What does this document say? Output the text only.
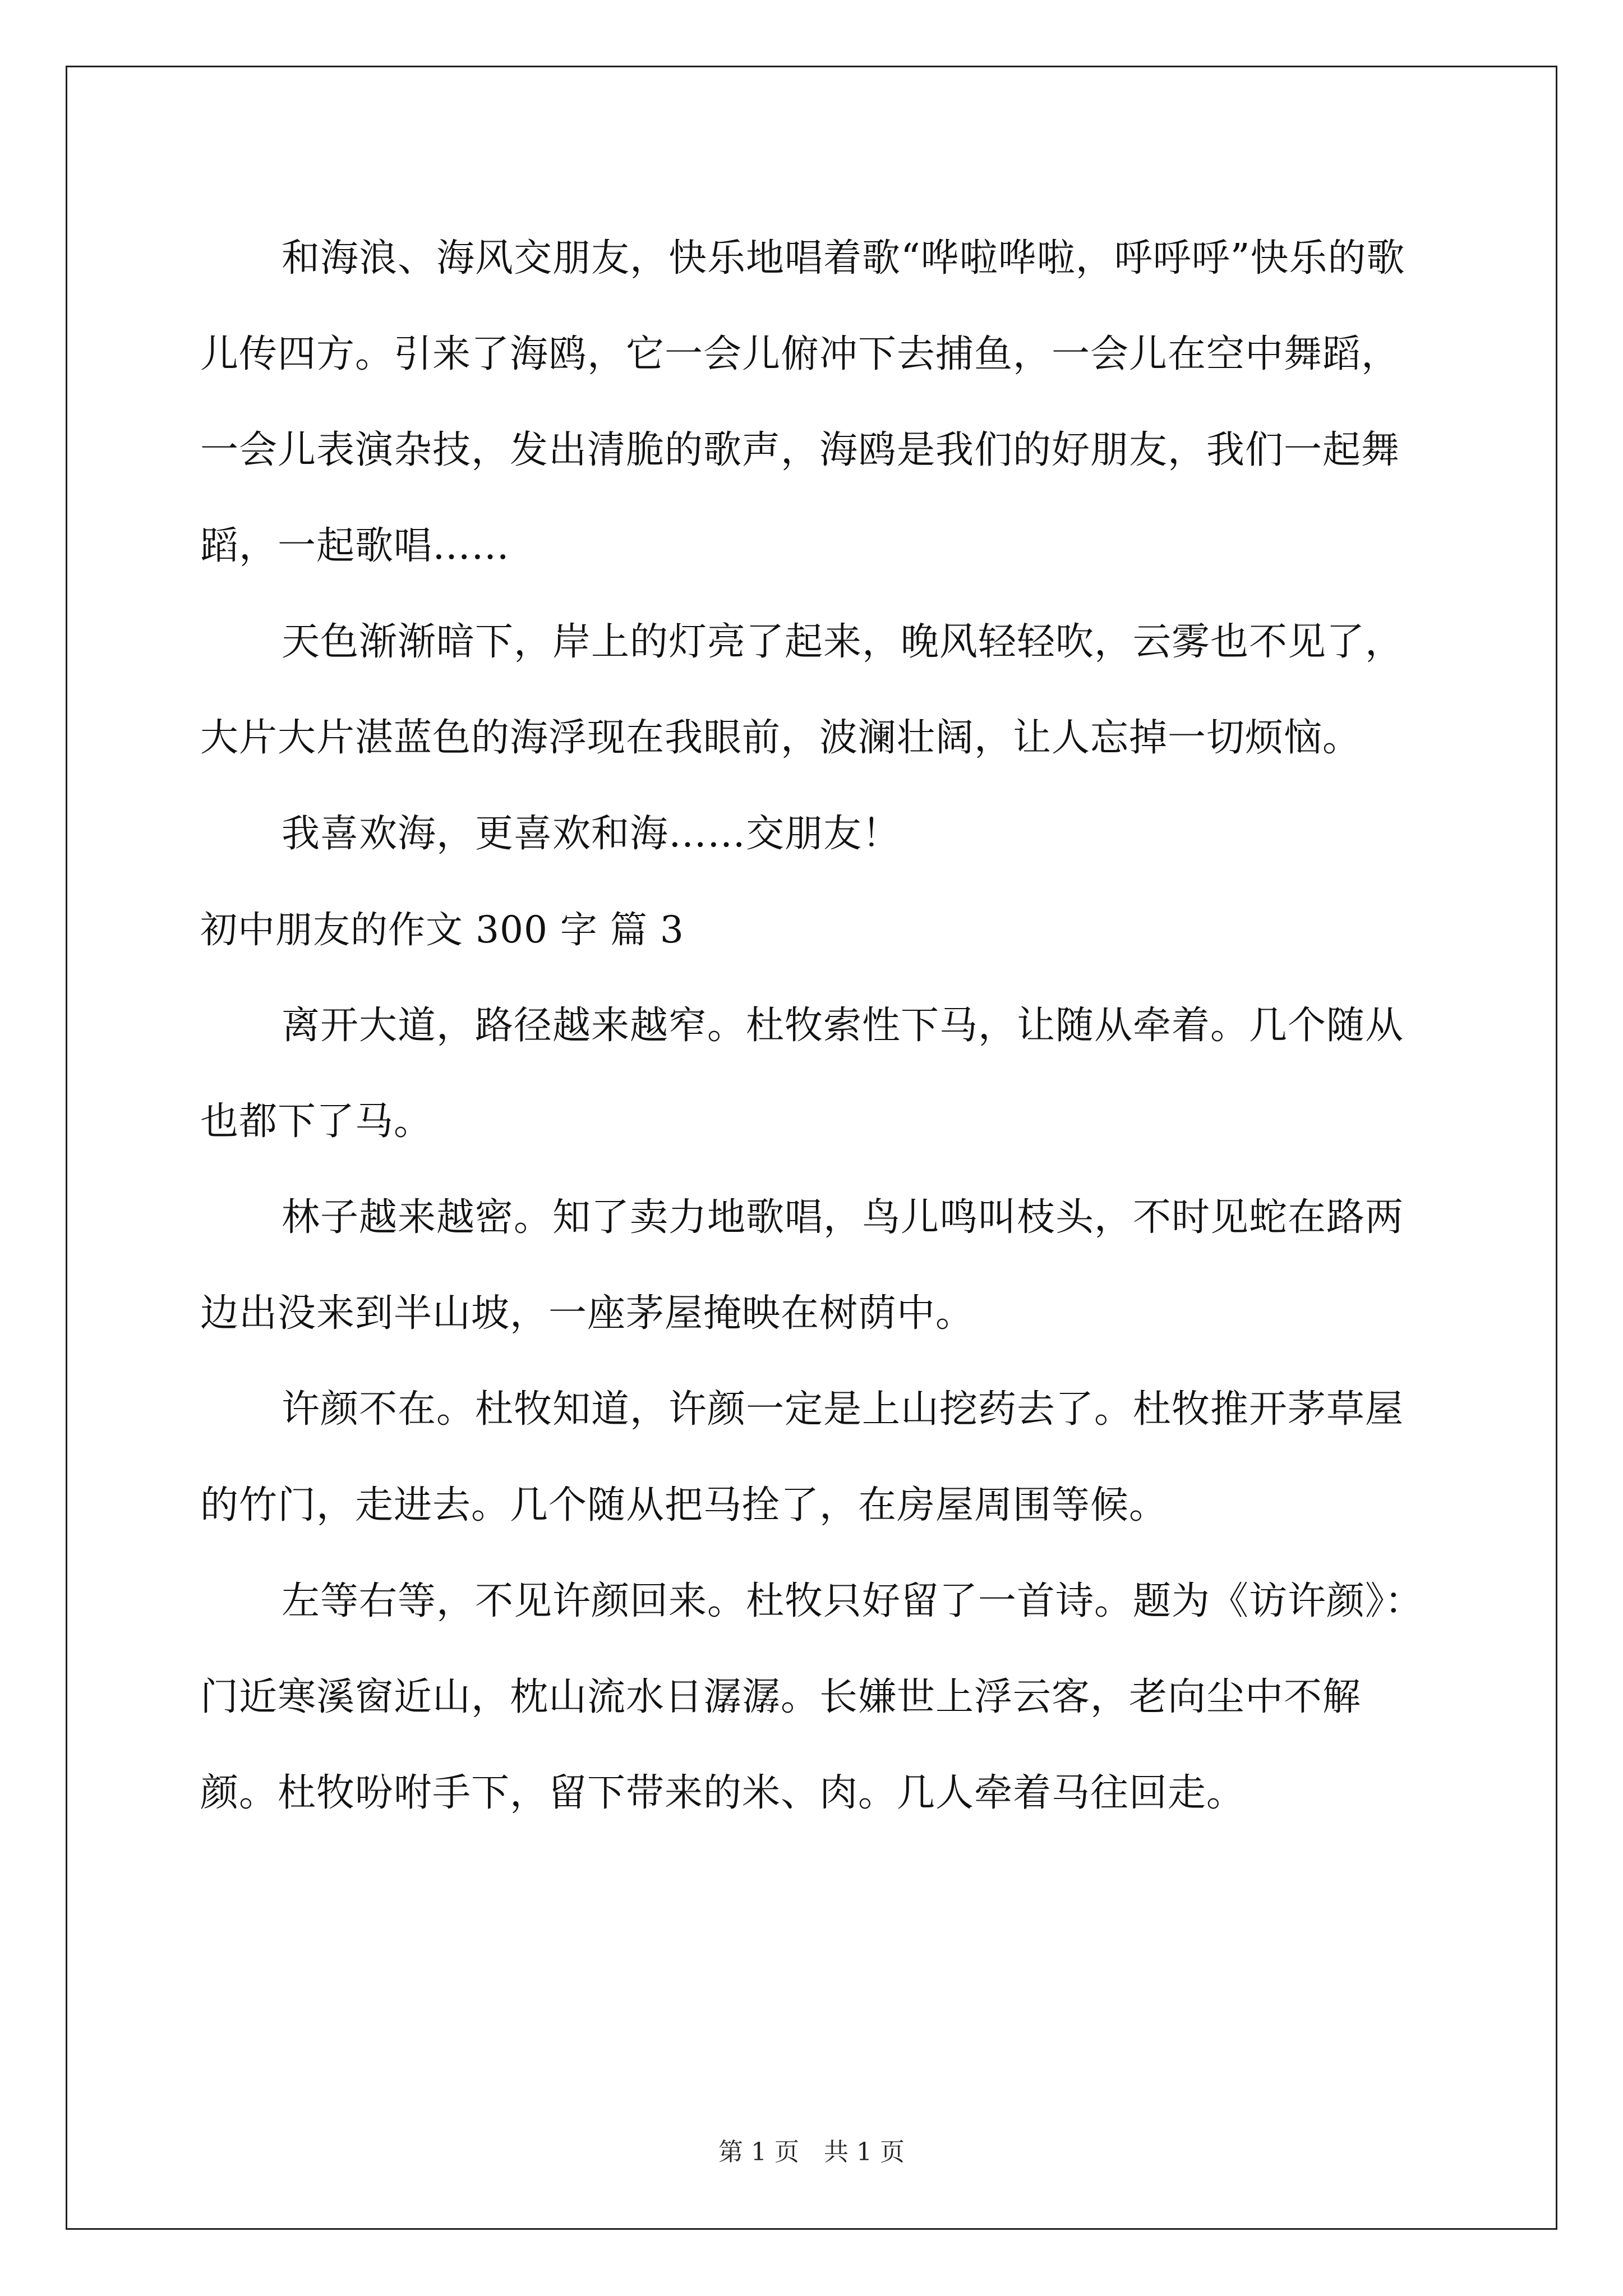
和海浪、海风交朋友，快乐地唱着歌“哗啦哗啦，呼呼呼”快乐的歌儿传四方。引来了海鸥，它一会儿俯冲下去捕鱼，一会儿在空中舞蹈，一会儿表演杂技，发出清脆的歌声，海鸥是我们的好朋友，我们一起舞蹈，一起歌唱……

天色渐渐暗下，岸上的灯亮了起来，晚风轻轻吹，云雾也不见了，大片大片湛蓝色的海浮现在我眼前，波澜壮阔，让人忘掉一切烦恼。

我喜欢海，更喜欢和海……交朋友！

初中朋友的作文 300 字 篇 3

离开大道，路径越来越窄。杜牧索性下马，让随从牵着。几个随从也都下了马。

林子越来越密。知了卖力地歌唱，鸟儿鸣叫枝头，不时见蛇在路两边出没来到半山坡，一座茅屋掩映在树荫中。

许颜不在。杜牧知道，许颜一定是上山挖药去了。杜牧推开茅草屋的竹门，走进去。几个随从把马拴了，在房屋周围等候。

左等右等，不见许颜回来。杜牧只好留了一首诗。题为《访许颜》：门近寒溪窗近山，枕山流水日潺潺。长嫌世上浮云客，老向尘中不解颜。杜牧吩咐手下，留下带来的米、肉。几人牵着马往回走。

第 1 页　共 1 页
